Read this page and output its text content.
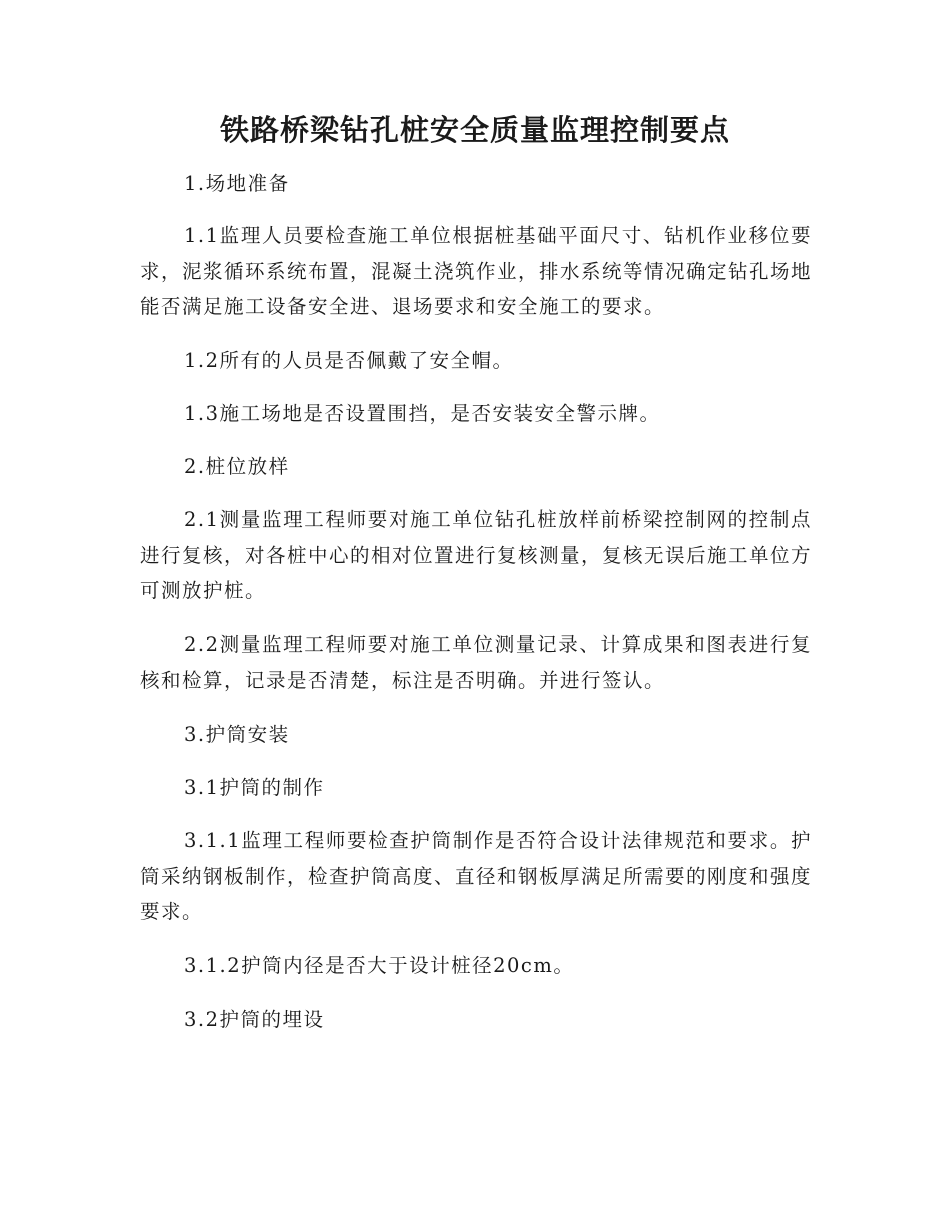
铁路桥梁钻孔桩安全质量监理控制要点
1.场地准备
1.1监理人员要检查施工单位根据桩基础平面尺寸、钻机作业移位要求，泥浆循环系统布置，混凝土浇筑作业，排水系统等情况确定钻孔场地能否满足施工设备安全进、退场要求和安全施工的要求。
1.2所有的人员是否佩戴了安全帽。
1.3施工场地是否设置围挡，是否安装安全警示牌。
2.桩位放样
2.1测量监理工程师要对施工单位钻孔桩放样前桥梁控制网的控制点进行复核，对各桩中心的相对位置进行复核测量，复核无误后施工单位方可测放护桩。
2.2测量监理工程师要对施工单位测量记录、计算成果和图表进行复核和检算，记录是否清楚，标注是否明确。并进行签认。
3.护筒安装
3.1护筒的制作
3.1.1监理工程师要检查护筒制作是否符合设计法律规范和要求。护筒采纳钢板制作，检查护筒高度、直径和钢板厚满足所需要的刚度和强度要求。
3.1.2护筒内径是否大于设计桩径20cm。
3.2护筒的埋设
